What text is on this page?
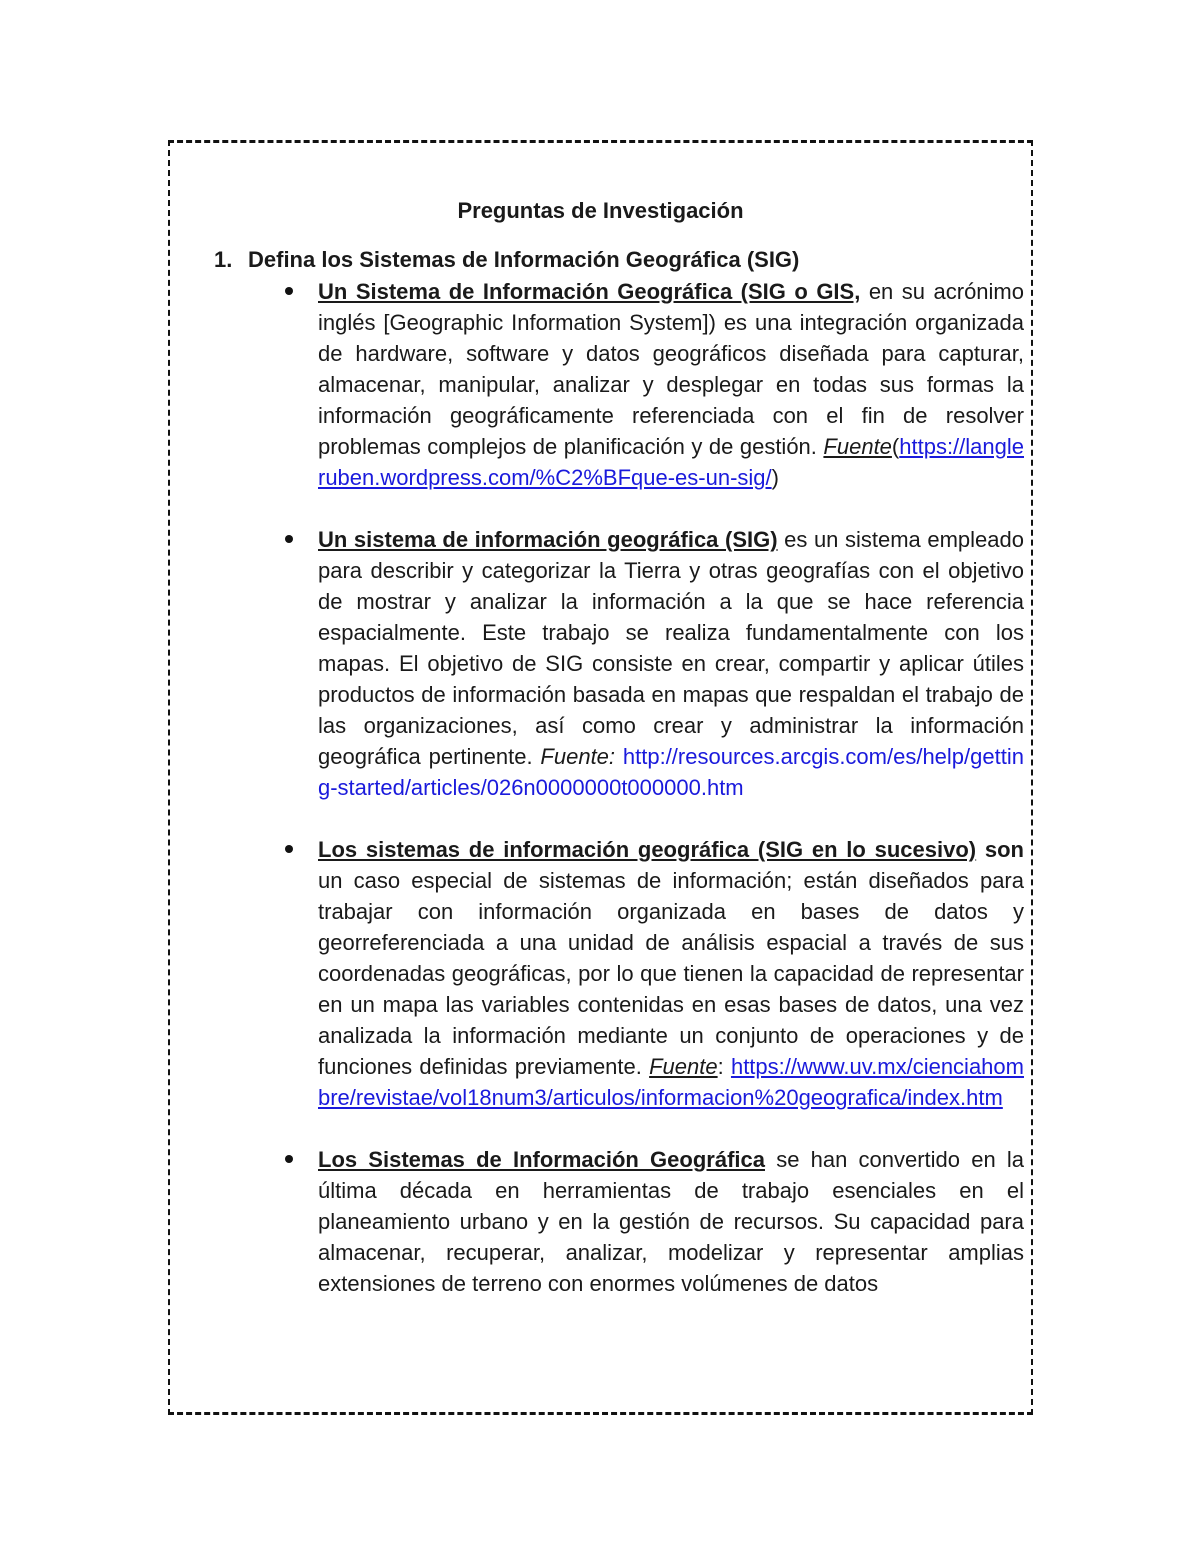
Preguntas de Investigación
1. Defina los Sistemas de Información Geográfica (SIG)
Un Sistema de Información Geográfica (SIG o GIS, en su acrónimo inglés [Geographic Information System]) es una integración organizada de hardware, software y datos geográficos diseñada para capturar, almacenar, manipular, analizar y desplegar en todas sus formas la información geográficamente referenciada con el fin de resolver problemas complejos de planificación y de gestión. Fuente(https://langleruben.wordpress.com/%C2%BFque-es-un-sig/)
Un sistema de información geográfica (SIG) es un sistema empleado para describir y categorizar la Tierra y otras geografías con el objetivo de mostrar y analizar la información a la que se hace referencia espacialmente. Este trabajo se realiza fundamentalmente con los mapas. El objetivo de SIG consiste en crear, compartir y aplicar útiles productos de información basada en mapas que respaldan el trabajo de las organizaciones, así como crear y administrar la información geográfica pertinente. Fuente: http://resources.arcgis.com/es/help/getting-started/articles/026n0000000t000000.htm
Los sistemas de información geográfica (SIG en lo sucesivo) son un caso especial de sistemas de información; están diseñados para trabajar con información organizada en bases de datos y georreferenciada a una unidad de análisis espacial a través de sus coordenadas geográficas, por lo que tienen la capacidad de representar en un mapa las variables contenidas en esas bases de datos, una vez analizada la información mediante un conjunto de operaciones y de funciones definidas previamente. Fuente: https://www.uv.mx/cienciahombre/revistae/vol18num3/articulos/informacion%20geografica/index.htm
Los Sistemas de Información Geográfica se han convertido en la última década en herramientas de trabajo esenciales en el planeamiento urbano y en la gestión de recursos. Su capacidad para almacenar, recuperar, analizar, modelizar y representar amplias extensiones de terreno con enormes volúmenes de datos
